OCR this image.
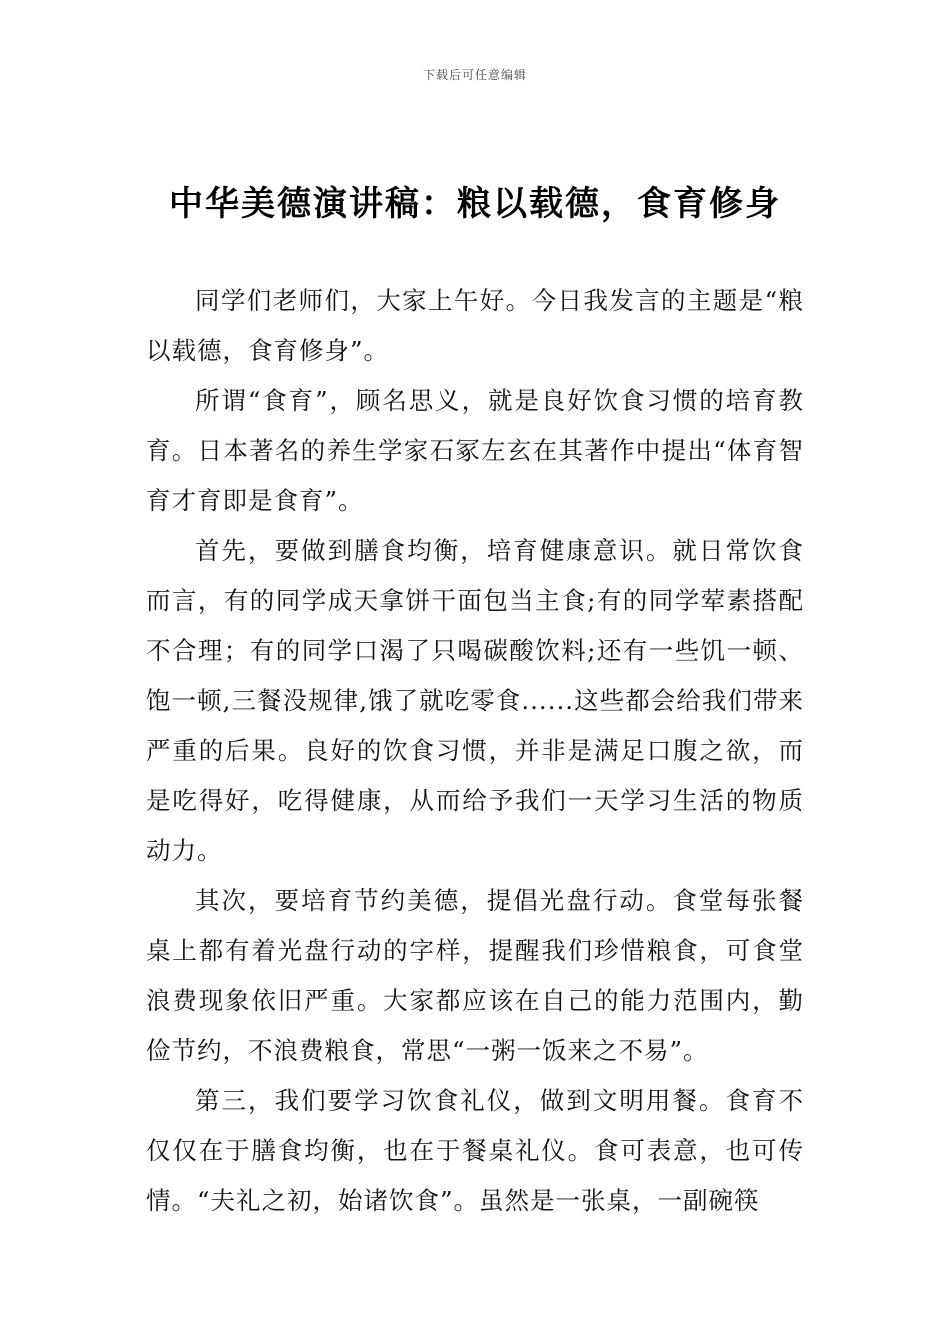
下载后可任意编辑
中华美德演讲稿：粮以载德，食育修身

同学们老师们，大家上午好。今日我发言的主题是“粮以载德，食育修身”。

所谓“食育”，顾名思义，就是良好饮食习惯的培育教育。日本著名的养生学家石冢左玄在其著作中提出“体育智育才育即是食育”。

首先，要做到膳食均衡，培育健康意识。就日常饮食而言，有的同学成天拿饼干面包当主食;有的同学荤素搭配不合理；有的同学口渴了只喝碳酸饮料;还有一些饥一顿、饱一顿,三餐没规律,饿了就吃零食......这些都会给我们带来严重的后果。良好的饮食习惯，并非是满足口腹之欲，而是吃得好，吃得健康，从而给予我们一天学习生活的物质动力。

其次，要培育节约美德，提倡光盘行动。食堂每张餐桌上都有着光盘行动的字样，提醒我们珍惜粮食，可食堂浪费现象依旧严重。大家都应该在自己的能力范围内，勤俭节约，不浪费粮食，常思“一粥一饭来之不易”。

第三，我们要学习饮食礼仪，做到文明用餐。食育不仅仅在于膳食均衡，也在于餐桌礼仪。食可表意，也可传情。“夫礼之初，始诸饮食”。虽然是一张桌，一副碗筷
